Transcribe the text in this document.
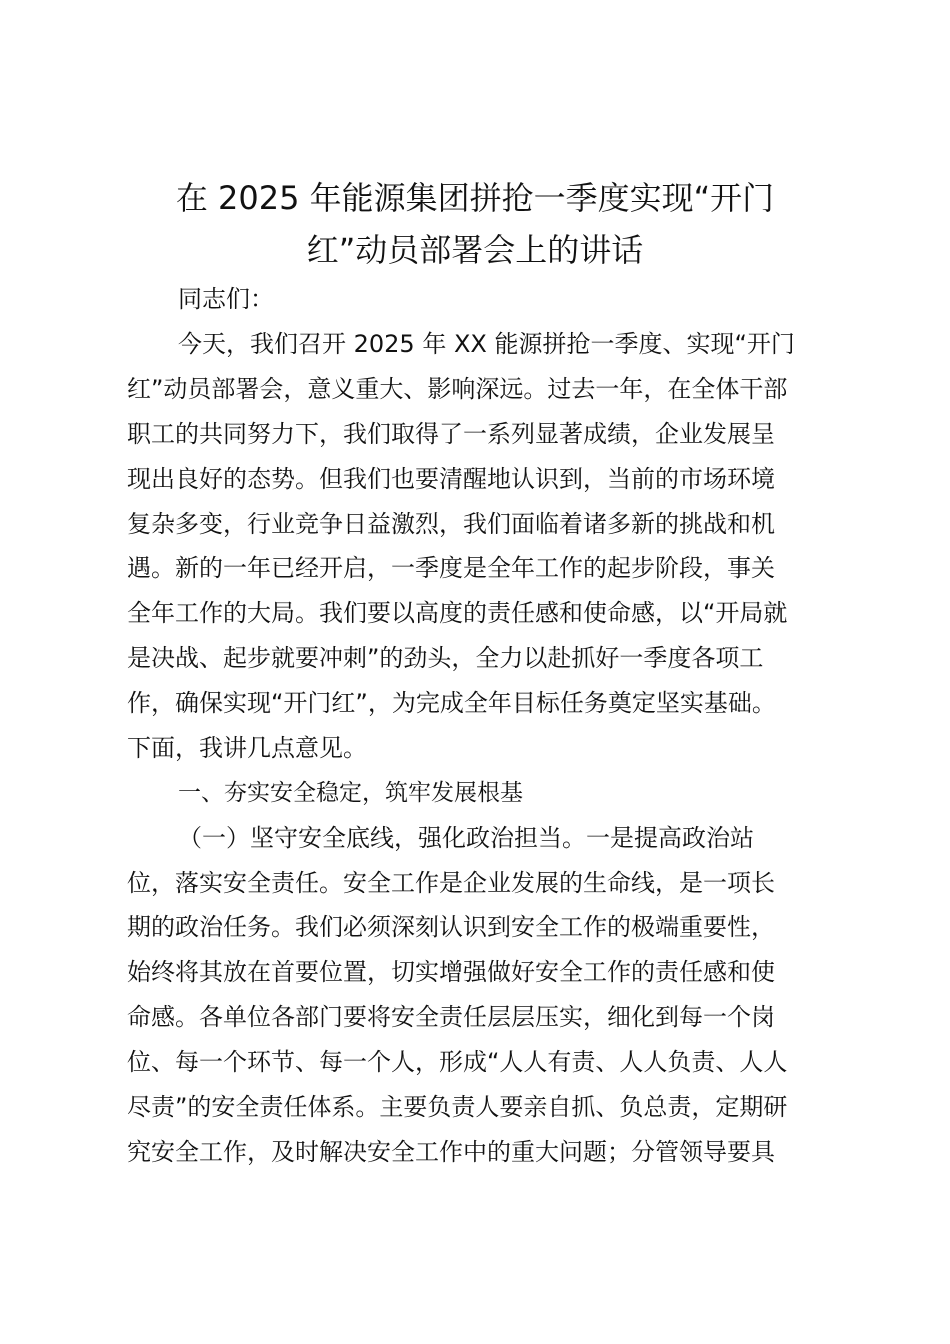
在 2025 年能源集团拼抢一季度实现“开门
红”动员部署会上的讲话
同志们：
今天，我们召开 2025 年 XX 能源拼抢一季度、实现“开门
红”动员部署会，意义重大、影响深远。过去一年，在全体干部
职工的共同努力下，我们取得了一系列显著成绩，企业发展呈
现出良好的态势。但我们也要清醒地认识到，当前的市场环境
复杂多变，行业竞争日益激烈，我们面临着诸多新的挑战和机
遇。新的一年已经开启，一季度是全年工作的起步阶段，事关
全年工作的大局。我们要以高度的责任感和使命感，以“开局就
是决战、起步就要冲刺”的劲头，全力以赴抓好一季度各项工
作，确保实现“开门红”，为完成全年目标任务奠定坚实基础。
下面，我讲几点意见。
一、夯实安全稳定，筑牢发展根基
（一）坚守安全底线，强化政治担当。一是提高政治站
位，落实安全责任。安全工作是企业发展的生命线，是一项长
期的政治任务。我们必须深刻认识到安全工作的极端重要性，
始终将其放在首要位置，切实增强做好安全工作的责任感和使
命感。各单位各部门要将安全责任层层压实，细化到每一个岗
位、每一个环节、每一个人，形成“人人有责、人人负责、人人
尽责”的安全责任体系。主要负责人要亲自抓、负总责，定期研
究安全工作，及时解决安全工作中的重大问题；分管领导要具
